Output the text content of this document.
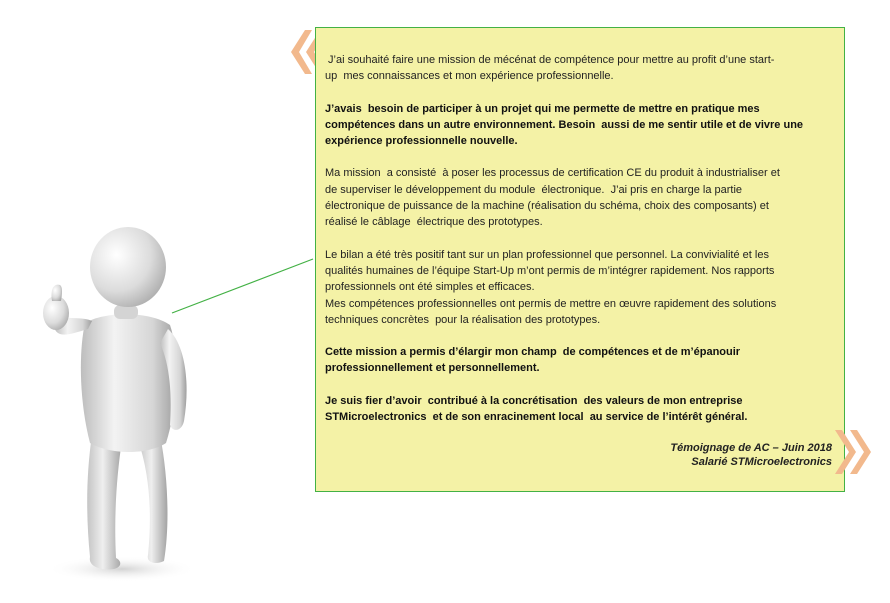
J’ai souhaité faire une mission de mécénat de compétence pour mettre au profit d’une start-

up  mes connaissances et mon expérience professionnelle.

J’avais  besoin de participer à un projet qui me permette de mettre en pratique mes

compétences dans un autre environnement. Besoin  aussi de me sentir utile et de vivre une

expérience professionnelle nouvelle.

Ma mission  a consisté  à poser les processus de certification CE du produit à industrialiser et

de superviser le développement du module  électronique.  J’ai pris en charge la partie

électronique de puissance de la machine (réalisation du schéma, choix des composants) et

réalisé le câblage  électrique des prototypes.

Le bilan a été très positif tant sur un plan professionnel que personnel. La convivialité et les

qualités humaines de l’équipe Start-Up m’ont permis de m’intégrer rapidement. Nos rapports

professionnels ont été simples et efficaces.

Mes compétences professionnelles ont permis de mettre en œuvre rapidement des solutions

techniques concrètes  pour la réalisation des prototypes.

Cette mission a permis d’élargir mon champ  de compétences et de m’épanouir

professionnellement et personnellement.

Je suis fier d’avoir  contribué à la concrétisation  des valeurs de mon entreprise

STMicroelectronics  et de son enracinement local  au service de l’intérêt général.

Témoignage de AC – Juin 2018
Salarié STMicroelectronics
